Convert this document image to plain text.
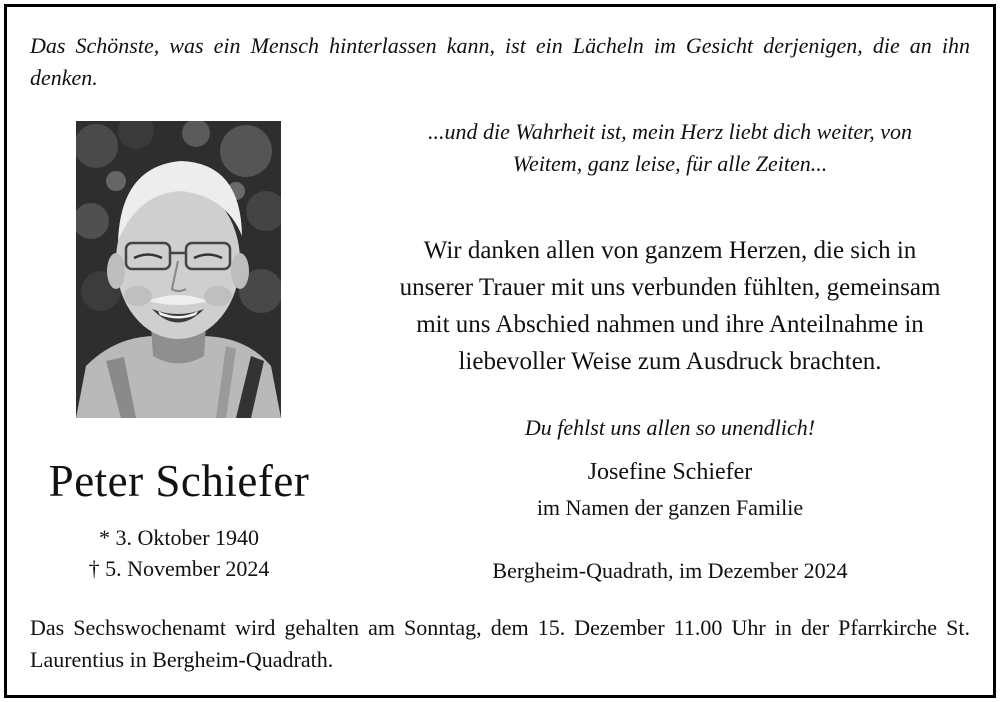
Das Schönste, was ein Mensch hinterlassen kann, ist ein Lächeln im Gesicht derjenigen, die an ihn denken.

...und die Wahrheit ist, mein Herz liebt dich weiter, von
Weitem, ganz leise, für alle Zeiten...

Wir danken allen von ganzem Herzen, die sich in
unserer Trauer mit uns verbunden fühlten, gemeinsam
mit uns Abschied nahmen und ihre Anteilnahme in
liebevoller Weise zum Ausdruck brachten.

Du fehlst uns allen so unendlich!

Josefine Schiefer

im Namen der ganzen Familie

Bergheim-Quadrath, im Dezember 2024

Peter Schiefer

* 3. Oktober 1940

† 5. November 2024

Das Sechswochenamt wird gehalten am Sonntag, dem 15. Dezember 11.00 Uhr in der Pfarrkirche St. Laurentius in Bergheim-Quadrath.
